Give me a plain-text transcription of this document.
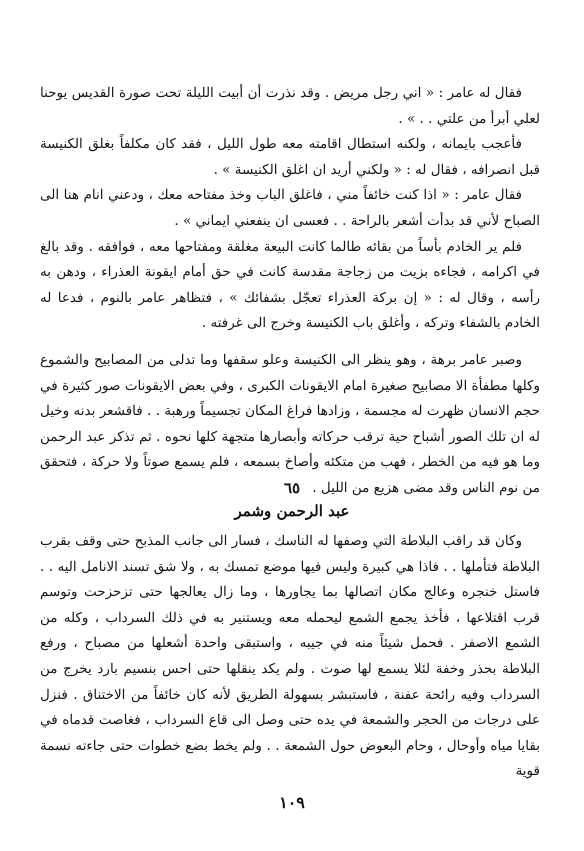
فقال له عامر : « اني رجل مريض . وقد نذرت أن أبيت الليلة تحت صورة القديس يوحنا لعلي أبرأ من علتي . . » .

فأعجب بايمانه ، ولكنه استطال اقامته معه طول الليل ، فقد كان مكلفاً بغلق الكنيسة قبل انصرافه ، فقال له : « ولكني أريد ان اغلق الكنيسة » .

فقال عامر : « اذا كنت خائفاً مني ، فاغلق الباب وخذ مفتاحه معك ، ودعني انام هنا الى الصباح لأني قد بدأت أشعر بالراحة . . فعسى ان ينفعني ايماني » .

فلم ير الخادم بأساً من بقائه طالما كانت البيعة مغلقة ومفتاحها معه ، فوافقه . وقد بالغ في اكرامه ، فجاءه بزيت من زجاجة مقدسة كانت في حق أمام ايقونة العذراء ، ودهن به رأسه ، وقال له : « إن بركة العذراء تعجّل بشفائك » ، فتظاهر عامر بالنوم ، فدعا له الخادم بالشفاء وتركه ، وأغلق باب الكنيسة وخرج الى غرفته .

وصبر عامر برهة ، وهو ينظر الى الكنيسة وعلو سقفها وما تدلى من المصابيح والشموع وكلها مطفأة الا مصابيح صغيرة امام الايقونات الكبرى ، وفي بعض الايقونات صور كثيرة في حجم الانسان ظهرت له مجسمة ، وزادها فراغ المكان تجسيماً ورهبة . . فاقشعر بدنه وخيل له ان تلك الصور أشباح حية ترقب حركاته وأبصارها متجهة كلها نحوه . ثم تذكر عبد الرحمن وما هو فيه من الخطر ، فهب من متكئه وأصاخ بسمعه ، فلم يسمع صوتاً ولا حركة ، فتحقق من نوم الناس وقد مضى هزيع من الليل .

٦٥
عبد الرحمن وشمر

وكان قد راقب البلاطة التي وصفها له الناسك ، فسار الى جانب المذبح حتى وقف بقرب البلاطة فتأملها . . فاذا هي كبيرة وليس فيها موضع تمسك به ، ولا شق تسند الانامل اليه . . فاستل خنجره وعالج مكان اتصالها بما يجاورها ، وما زال يعالجها حتى تزحزحت وتوسم قرب اقتلاعها ، فأخذ يجمع الشمع ليحمله معه ويستنير به في ذلك السرداب ، وكله من الشمع الاصفر . فحمل شيئاً منه في جيبه ، واستبقى واحدة أشعلها من مصباح ، ورفع البلاطة بحذر وخفة لئلا يسمع لها صوت . ولم يكد ينقلها حتى احس بنسيم بارد يخرج من السرداب وفيه رائحة عفنة ، فاستبشر بسهولة الطريق لأنه كان خائفاً من الاختناق . فنزل على درجات من الحجر والشمعة في يده حتى وصل الى قاع السرداب ، فغاصت قدماه في بقايا مياه وأوحال ، وحام البعوض حول الشمعة . . ولم يخط بضع خطوات حتى جاءته نسمة قوية

١٠٩
